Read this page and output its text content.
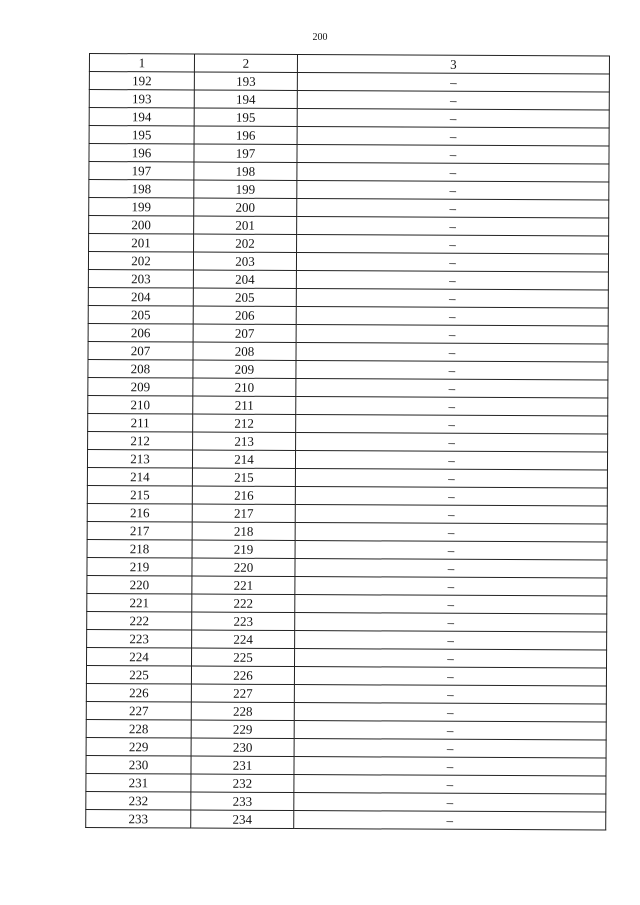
200
1	2	3
192	193	–
193	194	–
194	195	–
195	196	–
196	197	–
197	198	–
198	199	–
199	200	–
200	201	–
201	202	–
202	203	–
203	204	–
204	205	–
205	206	–
206	207	–
207	208	–
208	209	–
209	210	–
210	211	–
211	212	–
212	213	–
213	214	–
214	215	–
215	216	–
216	217	–
217	218	–
218	219	–
219	220	–
220	221	–
221	222	–
222	223	–
223	224	–
224	225	–
225	226	–
226	227	–
227	228	–
228	229	–
229	230	–
230	231	–
231	232	–
232	233	–
233	234	–
